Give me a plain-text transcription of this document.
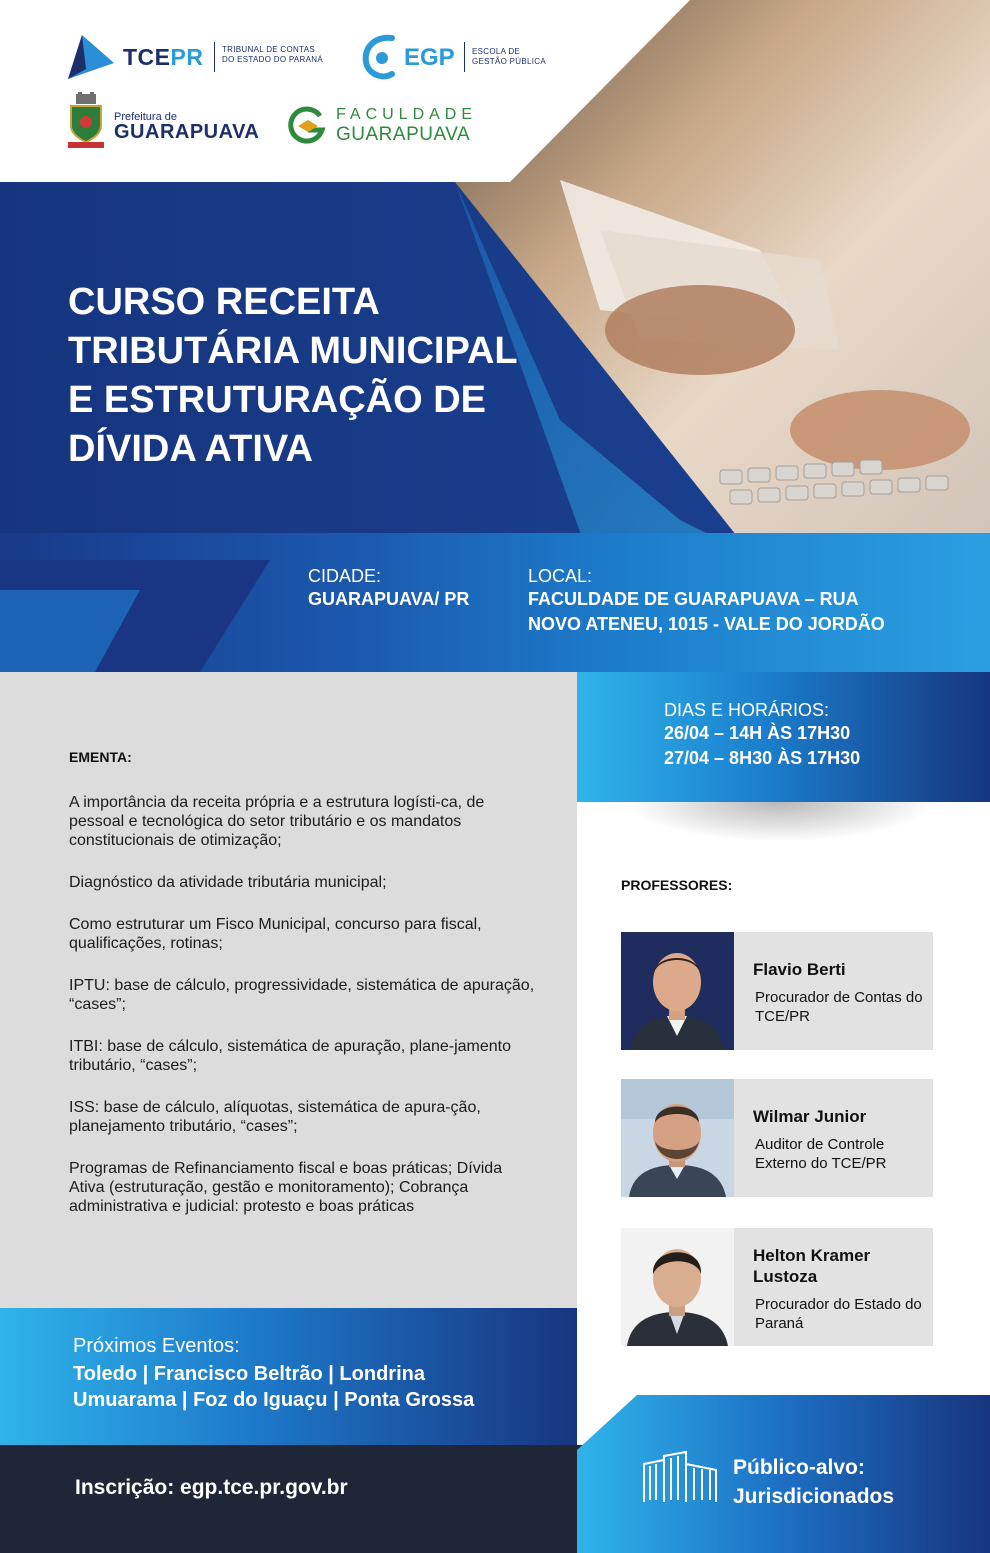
TCEPR TRIBUNAL DE CONTAS
DO ESTADO DO PARANÁ	EGP ESCOLA DE
GESTÃO PÚBLICA
Prefeitura de
GUARAPUAVA
FACULDADE
GUARAPUAVA
CURSO RECEITA
TRIBUTÁRIA MUNICIPAL
E ESTRUTURAÇÃO DE
DÍVIDA ATIVA
CIDADE:
GUARAPUAVA/ PR
LOCAL:
FACULDADE DE GUARAPUAVA – RUA
NOVO ATENEU, 1015 - VALE DO JORDÃO
EMENTA:

A importância da receita própria e a estrutura logísti-ca, de pessoal e tecnológica do setor tributário e os mandatos constitucionais de otimização;

Diagnóstico da atividade tributária municipal;

Como estruturar um Fisco Municipal, concurso para fiscal, qualificações, rotinas;

IPTU: base de cálculo, progressividade, sistemática de apuração, “cases”;

ITBI: base de cálculo, sistemática de apuração, plane-jamento tributário, “cases”;

ISS: base de cálculo, alíquotas, sistemática de apura-ção, planejamento tributário, “cases”;

Programas de Refinanciamento fiscal e boas práticas; Dívida Ativa (estruturação, gestão e monitoramento); Cobrança administrativa e judicial: protesto e boas práticas

DIAS E HORÁRIOS:
26/04 – 14H ÀS 17H30
27/04 – 8H30 ÀS 17H30
PROFESSORES:
Flavio Berti
Procurador de Contas do TCE/PR
Wilmar Junior
Auditor de Controle Externo do TCE/PR
Helton Kramer Lustoza
Procurador do Estado do Paraná
Próximos Eventos:
Toledo | Francisco Beltrão | Londrina
Umuarama | Foz do Iguaçu | Ponta Grossa
Inscrição: egp.tce.pr.gov.br
Público-alvo:
Jurisdicionados
